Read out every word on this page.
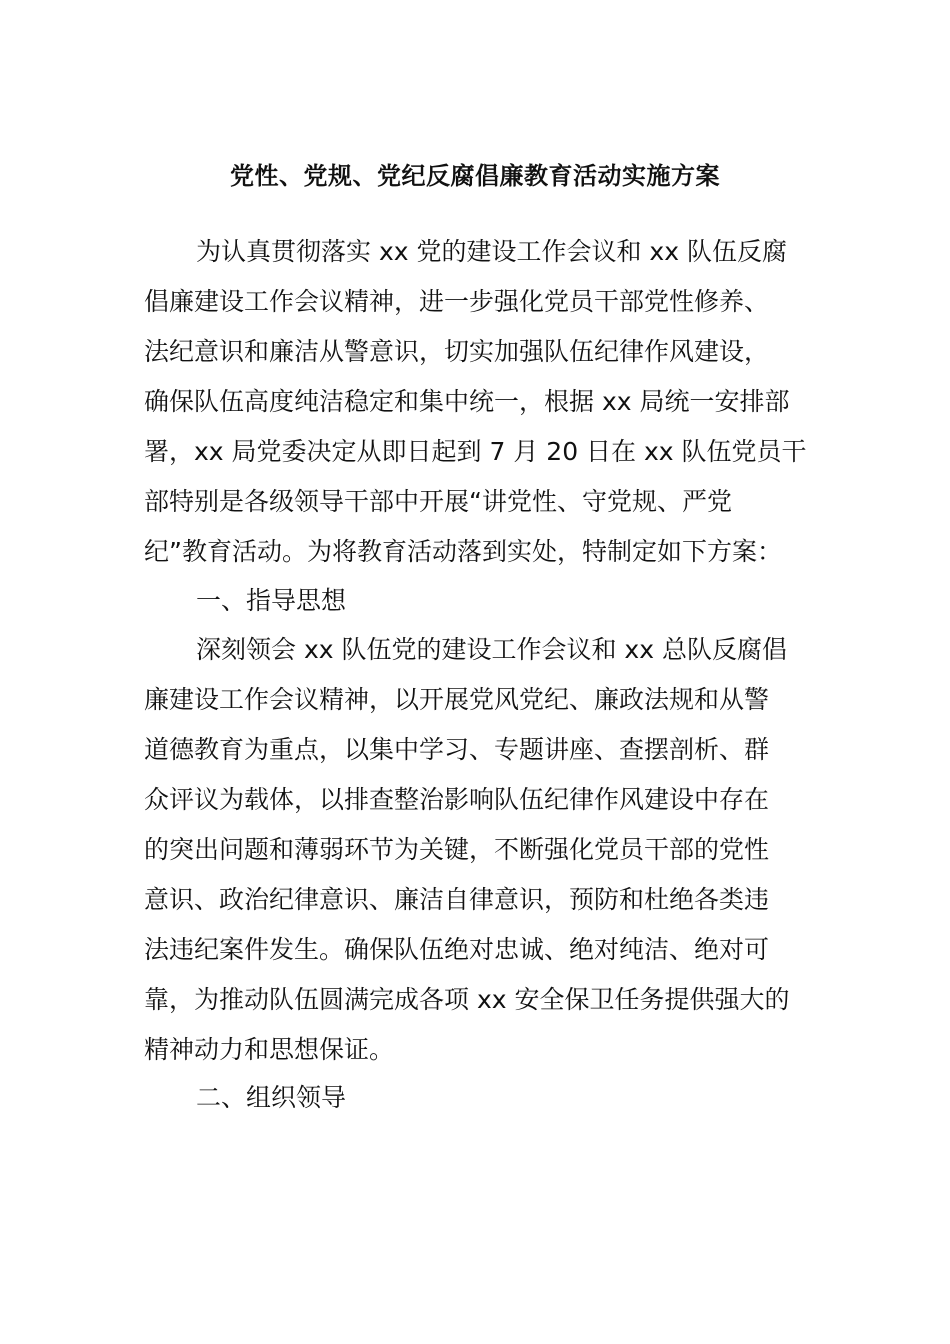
党性、党规、党纪反腐倡廉教育活动实施方案
为认真贯彻落实 xx 党的建设工作会议和 xx 队伍反腐
倡廉建设工作会议精神，进一步强化党员干部党性修养、
法纪意识和廉洁从警意识，切实加强队伍纪律作风建设，
确保队伍高度纯洁稳定和集中统一，根据 xx 局统一安排部
署，xx 局党委决定从即日起到 7 月 20 日在 xx 队伍党员干
部特别是各级领导干部中开展“讲党性、守党规、严党
纪”教育活动。为将教育活动落到实处，特制定如下方案：
一、指导思想
深刻领会 xx 队伍党的建设工作会议和 xx 总队反腐倡
廉建设工作会议精神，以开展党风党纪、廉政法规和从警
道德教育为重点，以集中学习、专题讲座、查摆剖析、群
众评议为载体，以排查整治影响队伍纪律作风建设中存在
的突出问题和薄弱环节为关键，不断强化党员干部的党性
意识、政治纪律意识、廉洁自律意识，预防和杜绝各类违
法违纪案件发生。确保队伍绝对忠诚、绝对纯洁、绝对可
靠，为推动队伍圆满完成各项 xx 安全保卫任务提供强大的
精神动力和思想保证。
二、组织领导
